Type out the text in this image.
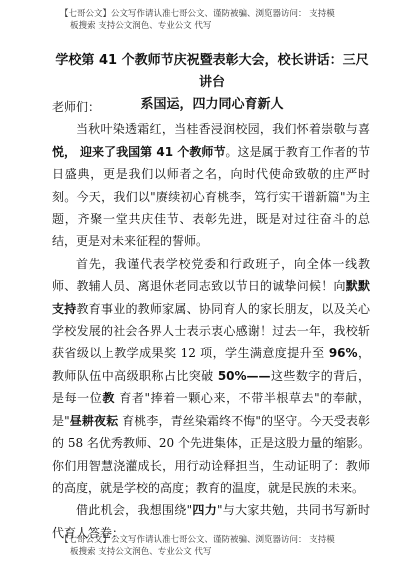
【七哥公文】公文写作请认准七哥公文、谨防被骗、浏览器访问： 支持模
板搜索 支持公文润色、专业公文 代写
学校第 41 个教师节庆祝暨表彰大会，校长讲话：三尺讲台
系国运，四力同心育新人

老师们：

当秋叶染透霜红，当桂香浸润校园，我们怀着崇敬与喜悦， 迎来了我国第 41 个教师节。这是属于教育工作者的节日盛典，更是我们以师者之名，向时代使命致敬的庄严时刻。今天，我们以"赓续初心育桃李，笃行实干谱新篇"为主题，齐聚一堂共庆佳节、表彰先进，既是对过往奋斗的总结，更是对未来征程的誓师。

首先，我谨代表学校党委和行政班子，向全体一线教师、教辅人员、离退休老同志致以节日的诚挚问候！向默默支持教育事业的教师家属、协同育人的家长朋友，以及关心学校发展的社会各界人士表示衷心感谢！过去一年，我校斩获省级以上教学成果奖 12 项，学生满意度提升至 96%，教师队伍中高级职称占比突破 50%——这些数字的背后，是每一位教 育者"捧着一颗心来，不带半根草去"的奉献，是"昼耕夜耘 育桃李，青丝染霜终不悔"的坚守。今天受表彰的 58 名优秀教师、20 个先进集体，正是这股力量的缩影。你们用智慧浇灌成长，用行动诠释担当，生动证明了：教师的高度，就是学校的高度；教育的温度，就是民族的未来。

借此机会，我想围绕"四力"与大家共勉，共同书写新时代育人答卷：

【七哥公文】公文写作请认准七哥公文、谨防被骗、浏览器访问： 支持模
板搜索 支持公文润色、专业公文 代写
